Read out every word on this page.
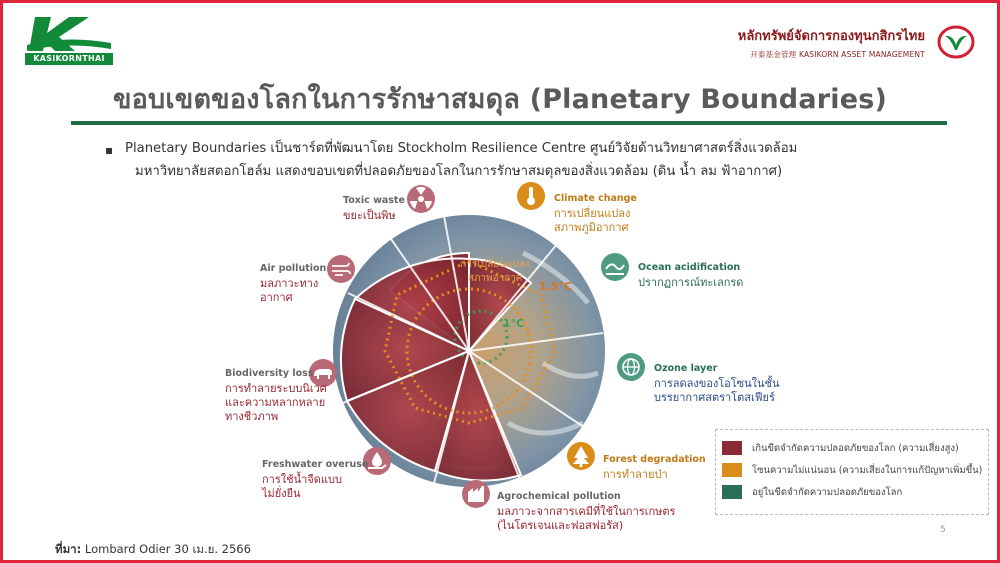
KASIKORNTHAI
หลักทรัพย์จัดการกองทุนกสิกรไทย
开泰基金管理 KASIKORN ASSET MANAGEMENT
ขอบเขตของโลกในการรักษาสมดุล (Planetary Boundaries)
▪ Planetary Boundaries เป็นชาร์ตที่พัฒนาโดย Stockholm Resilience Centre ศูนย์วิจัยด้านวิทยาศาสตร์สิ่งแวดล้อม

มหาวิทยาลัยสตอกโฮล์ม แสดงขอบเขตที่ปลอดภัยของโลกในการรักษาสมดุลของสิ่งแวดล้อม (ดิน น้ำ ลม ฟ้าอากาศ)

การเปลี่ยนแปลง
สภาพอากาศ
1.5°C
1°C
Toxic waste
ขยะเป็นพิษ
Climate change
การเปลี่ยนแปลง
สภาพภูมิอากาศ
Ocean acidification
ปรากฏการณ์ทะเลกรด
Ozone layer
การลดลงของโอโซนในชั้น
บรรยากาศสตราโตสเฟียร์
Forest degradation
การทำลายป่า
Agrochemical pollution
มลภาวะจากสารเคมีที่ใช้ในการเกษตร
(ไนโตรเจนและฟอสฟอรัส)
Freshwater overuse
การใช้น้ำจืดแบบ
ไม่ยั่งยืน
Biodiversity loss
การทำลายระบบนิเวศ
และความหลากหลาย
ทางชีวภาพ
Air pollution
มลภาวะทาง
อากาศ
เกินขีดจำกัดความปลอดภัยของโลก (ความเสี่ยงสูง)
โซนความไม่แน่นอน (ความเสี่ยงในการแก้ปัญหาเพิ่มขึ้น)
อยู่ในขีดจำกัดความปลอดภัยของโลก
5
ที่มา: Lombard Odier 30 เม.ย. 2566
